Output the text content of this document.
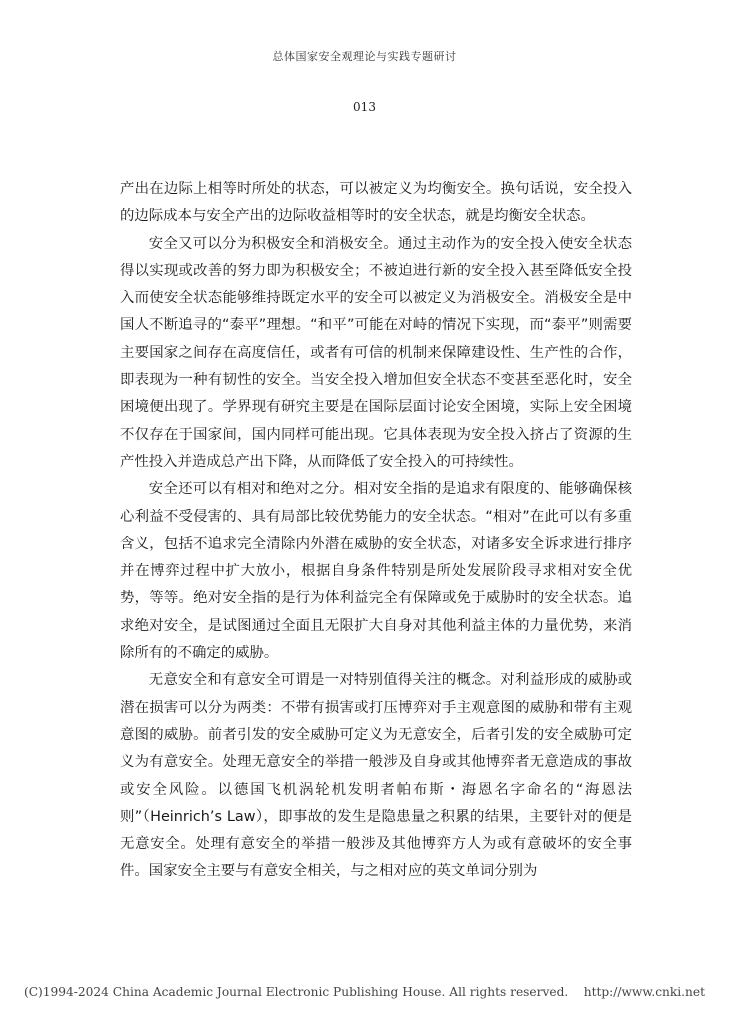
总体国家安全观理论与实践专题研讨
013

产出在边际上相等时所处的状态，可以被定义为均衡安全。换句话说，安全投入的边际成本与安全产出的边际收益相等时的安全状态，就是均衡安全状态。

安全又可以分为积极安全和消极安全。通过主动作为的安全投入使安全状态得以实现或改善的努力即为积极安全；不被迫进行新的安全投入甚至降低安全投入而使安全状态能够维持既定水平的安全可以被定义为消极安全。消极安全是中国人不断追寻的“泰平”理想。“和平”可能在对峙的情况下实现，而“泰平”则需要主要国家之间存在高度信任，或者有可信的机制来保障建设性、生产性的合作，即表现为一种有韧性的安全。当安全投入增加但安全状态不变甚至恶化时，安全困境便出现了。学界现有研究主要是在国际层面讨论安全困境，实际上安全困境不仅存在于国家间，国内同样可能出现。它具体表现为安全投入挤占了资源的生产性投入并造成总产出下降，从而降低了安全投入的可持续性。

安全还可以有相对和绝对之分。相对安全指的是追求有限度的、能够确保核心利益不受侵害的、具有局部比较优势能力的安全状态。“相对”在此可以有多重含义，包括不追求完全清除内外潜在威胁的安全状态，对诸多安全诉求进行排序并在博弈过程中扩大放小，根据自身条件特别是所处发展阶段寻求相对安全优势，等等。绝对安全指的是行为体利益完全有保障或免于威胁时的安全状态。追求绝对安全，是试图通过全面且无限扩大自身对其他利益主体的力量优势，来消除所有的不确定的威胁。

无意安全和有意安全可谓是一对特别值得关注的概念。对利益形成的威胁或潜在损害可以分为两类：不带有损害或打压博弈对手主观意图的威胁和带有主观意图的威胁。前者引发的安全威胁可定义为无意安全，后者引发的安全威胁可定义为有意安全。处理无意安全的举措一般涉及自身或其他博弈者无意造成的事故或安全风险。以德国飞机涡轮机发明者帕布斯・海恩名字命名的“海恩法则”（Heinrich’s Law），即事故的发生是隐患量之积累的结果，主要针对的便是无意安全。处理有意安全的举措一般涉及其他博弈方人为或有意破坏的安全事件。国家安全主要与有意安全相关，与之相对应的英文单词分别为

(C)1994-2024 China Academic Journal Electronic Publishing House. All rights reserved.    http://www.cnki.net
